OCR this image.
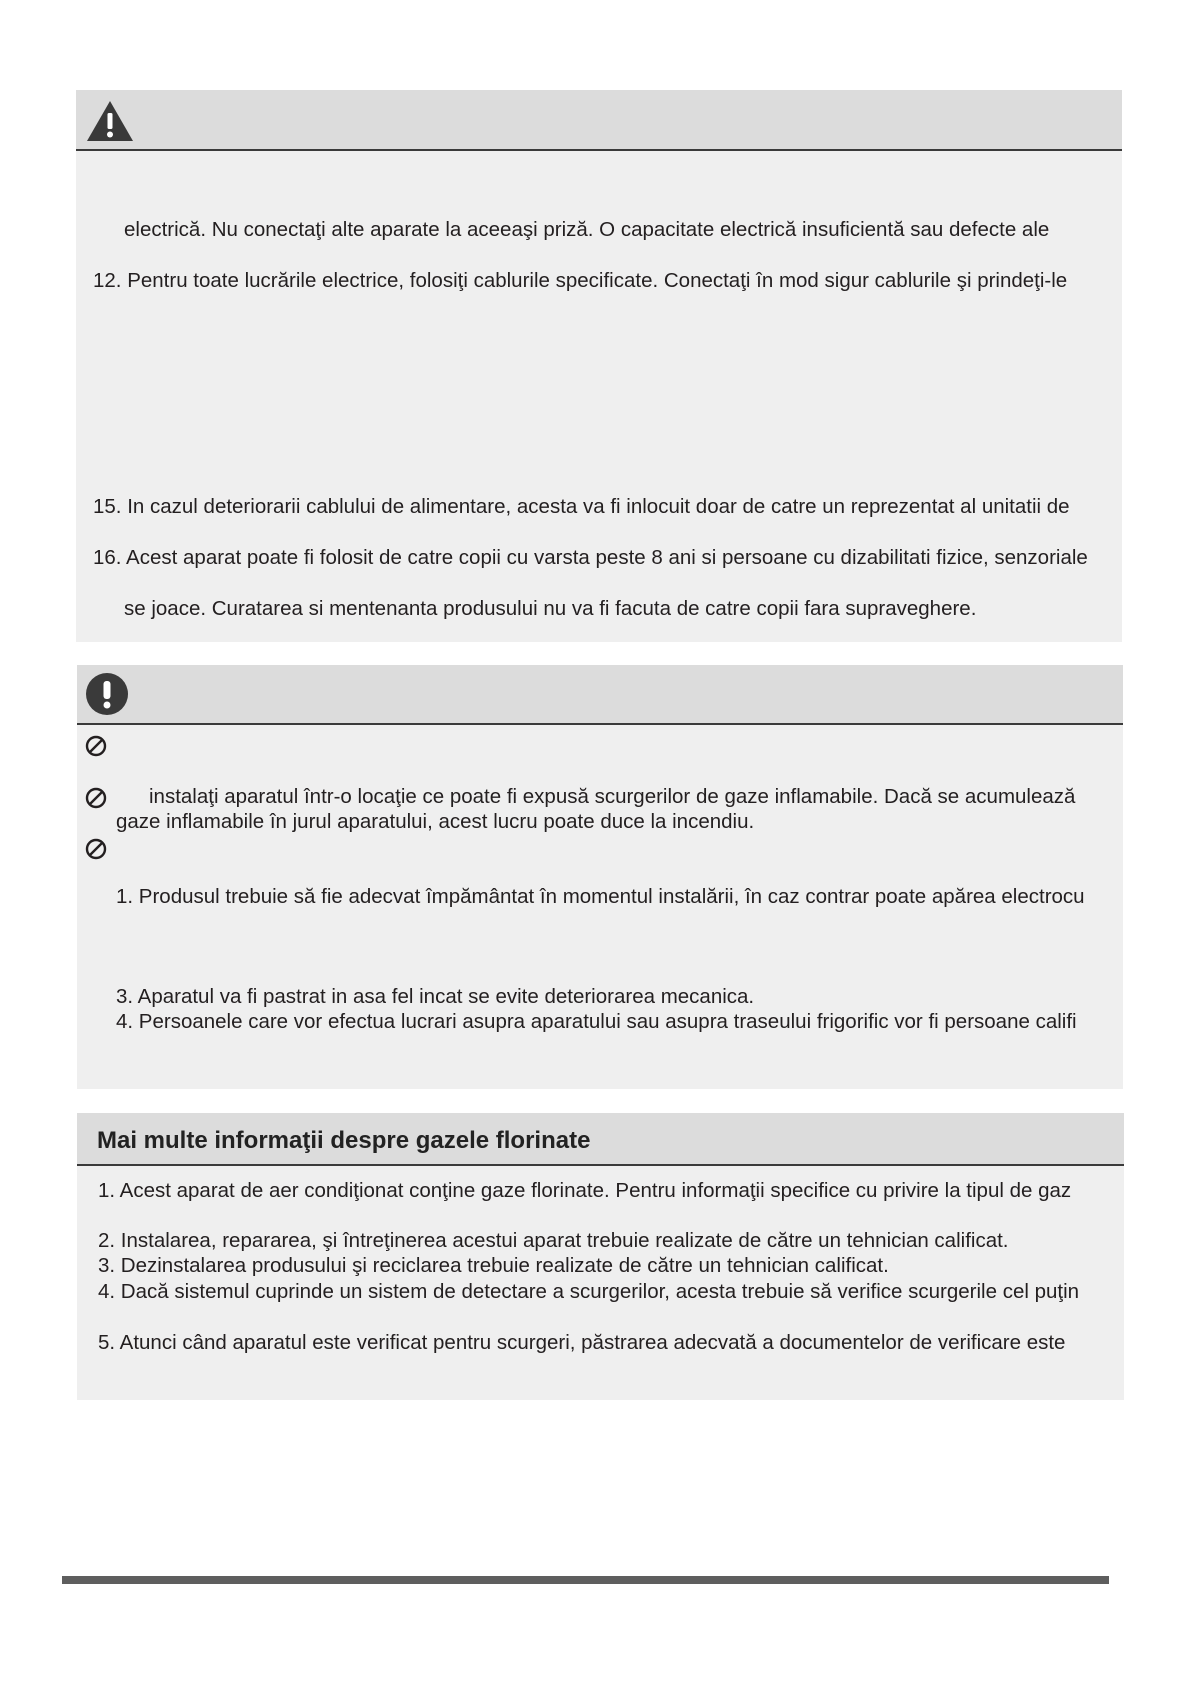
electrică. Nu conectaţi alte aparate la aceeaşi priză. O capacitate electrică insuficientă sau defecte ale
12. Pentru toate lucrările electrice, folosiţi cablurile specificate. Conectaţi în mod sigur cablurile şi prindeţi-le
15. In cazul deteriorarii cablului de alimentare, acesta va fi inlocuit doar de catre un reprezentat al unitatii de
16. Acest aparat poate fi folosit de catre copii cu varsta peste 8 ani si persoane cu dizabilitati fizice, senzoriale
se joace. Curatarea si mentenanta produsului nu va fi facuta de catre copii fara supraveghere.
instalaţi aparatul într-o locaţie ce poate fi expusă scurgerilor de gaze inflamabile. Dacă se acumulează
gaze inflamabile în jurul aparatului, acest lucru poate duce la incendiu.
1. Produsul trebuie să fie adecvat împământat în momentul instalării, în caz contrar poate apărea electrocu
3. Aparatul va fi pastrat in asa fel incat se evite deteriorarea mecanica.
4. Persoanele care vor efectua lucrari asupra aparatului sau asupra traseului frigorific vor fi persoane califi
Mai multe informaţii despre gazele florinate
1. Acest aparat de aer condiţionat conţine gaze florinate. Pentru informaţii specifice cu privire la tipul de gaz
2. Instalarea, repararea, şi întreţinerea acestui aparat trebuie realizate de către un tehnician calificat.
3. Dezinstalarea produsului şi reciclarea trebuie realizate de către un tehnician calificat.
4. Dacă sistemul cuprinde un sistem de detectare a scurgerilor, acesta trebuie să verifice scurgerile cel puţin
5. Atunci când aparatul este verificat pentru scurgeri, păstrarea adecvată a documentelor de verificare este
